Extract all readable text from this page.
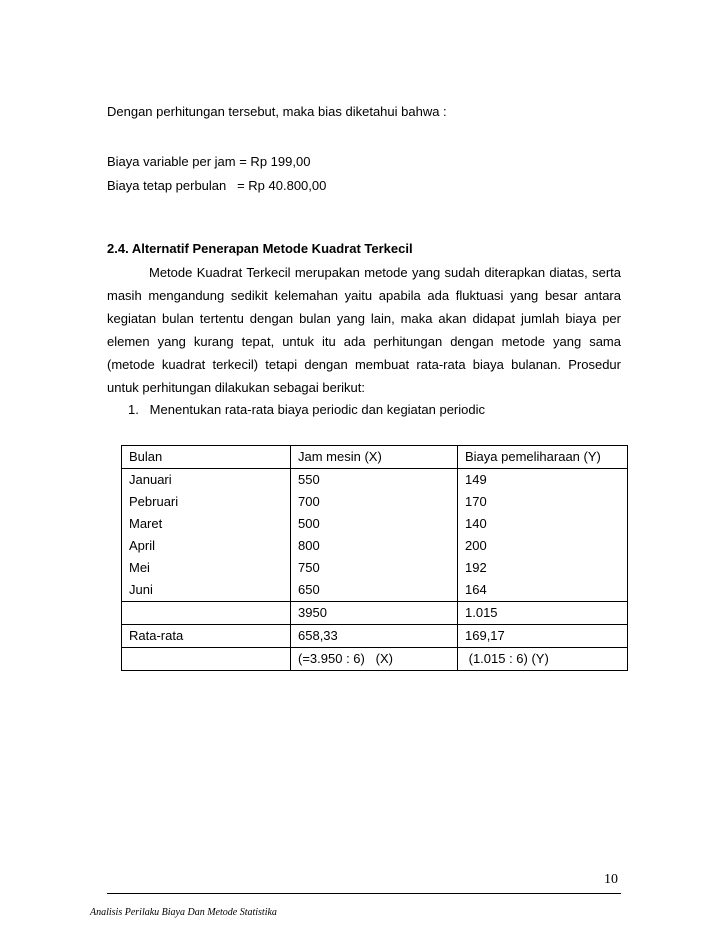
Dengan perhitungan tersebut, maka bias diketahui bahwa :
Biaya variable per jam = Rp 199,00
Biaya tetap perbulan   = Rp 40.800,00
2.4. Alternatif Penerapan Metode Kuadrat Terkecil
Metode Kuadrat Terkecil merupakan metode yang sudah diterapkan diatas, serta
masih mengandung sedikit kelemahan yaitu apabila ada fluktuasi yang besar antara
kegiatan bulan tertentu dengan bulan yang lain, maka akan didapat jumlah biaya per
elemen yang kurang tepat, untuk itu ada perhitungan dengan metode yang sama
(metode kuadrat terkecil) tetapi dengan membuat rata-rata biaya bulanan. Prosedur
untuk perhitungan dilakukan sebagai berikut:
1.   Menentukan rata-rata biaya periodic dan kegiatan periodic
Bulan	Jam mesin (X)	Biaya pemeliharaan (Y)
Januari	550	149
Pebruari	700	170
Maret	500	140
April	800	200
Mei	750	192
Juni	650	164
	3950	1.015
Rata-rata	658,33	169,17
	(=3.950 : 6)   (X)	(1.015 : 6) (Y)
10
Analisis Perilaku Biaya Dan Metode Statistika
